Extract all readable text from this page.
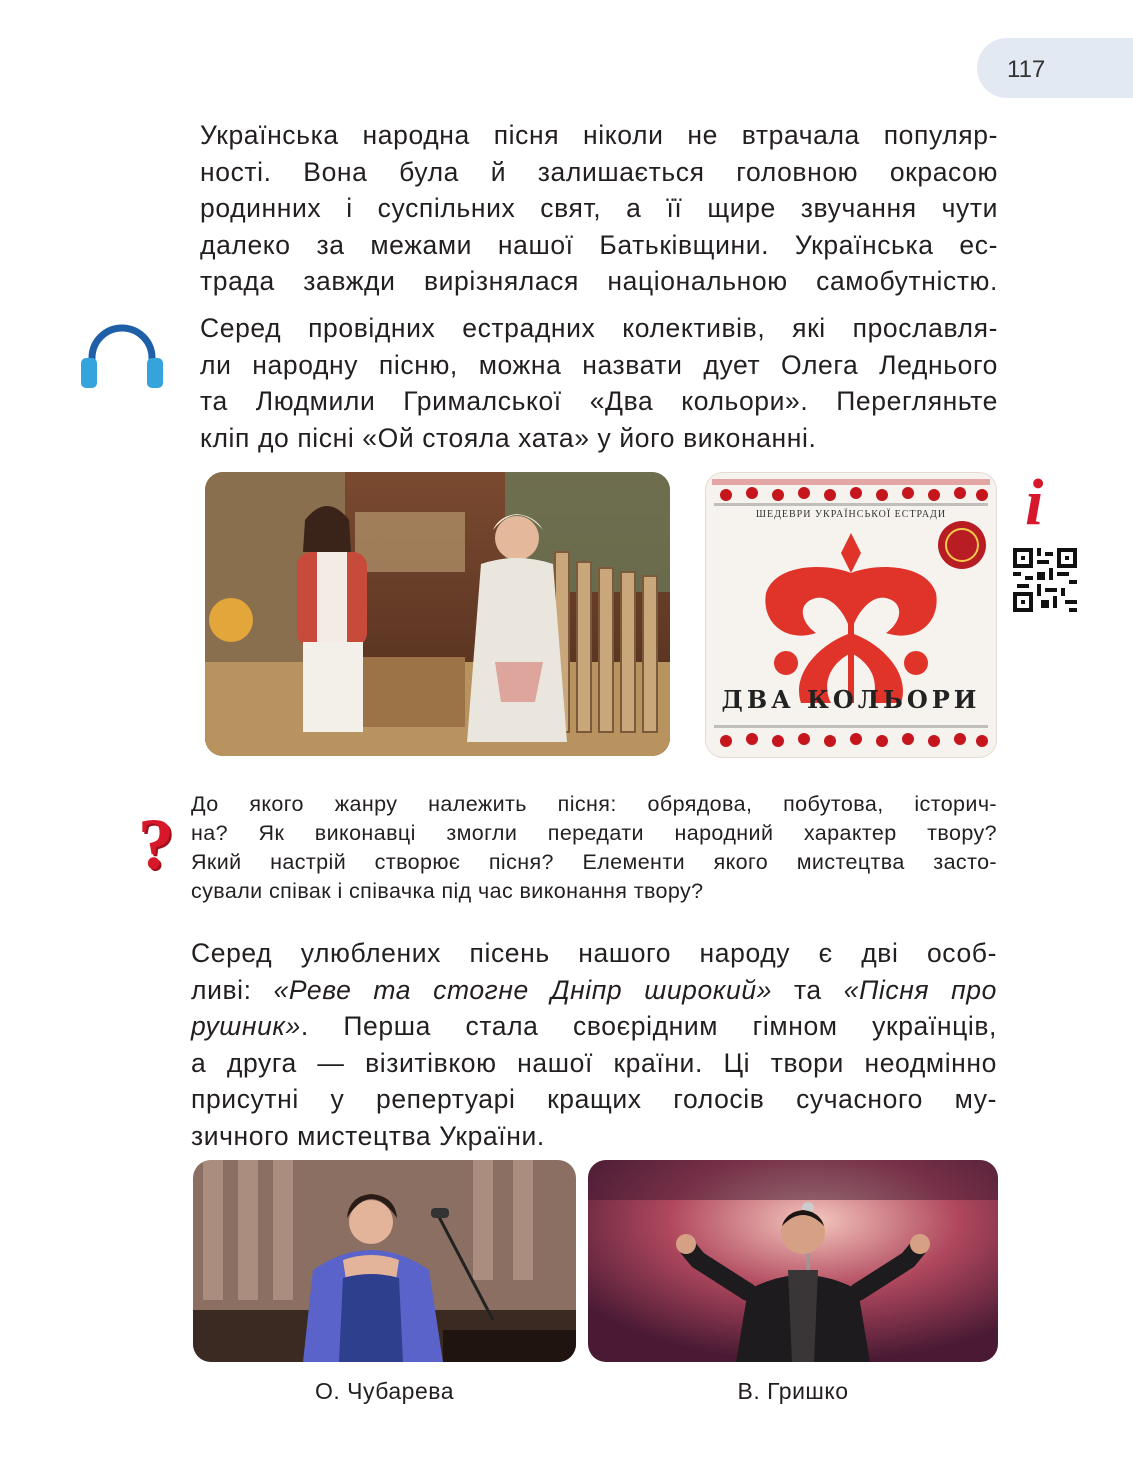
117
Українська народна пісня ніколи не втрачала популяр-
ності. Вона була й залишається головною окрасою
родинних і суспільних свят, а її щире звучання чути
далеко за межами нашої Батьківщини. Українська ес-
трада завжди вирізнялася національною самобутністю.
Серед провідних естрадних колективів, які прославля-
ли народну пісню, можна назвати дует Олега Леднього
та Людмили Грималської «Два кольори». Перегляньте
кліп до пісні «Ой стояла хата» у його виконанні.
ШЕДЕВРИ УКРАЇНСЬКОЇ ЕСТРАДИ
ДВА КОЛЬОРИ
i
? До якого жанру належить пісня: обрядова, побутова, історич-
на? Як виконавці змогли передати народний характер твору?
Який настрій створює пісня? Елементи якого мистецтва засто-
сували співак і співачка під час виконання твору?
Серед улюблених пісень нашого народу є дві особ-
ливі: «Реве та стогне Дніпр широкий» та «Пісня про
рушник». Перша стала своєрідним гімном українців,
а друга — візитівкою нашої країни. Ці твори неодмінно
присутні у репертуарі кращих голосів сучасного му-
зичного мистецтва України.
О. Чубарева	В. Гришко
